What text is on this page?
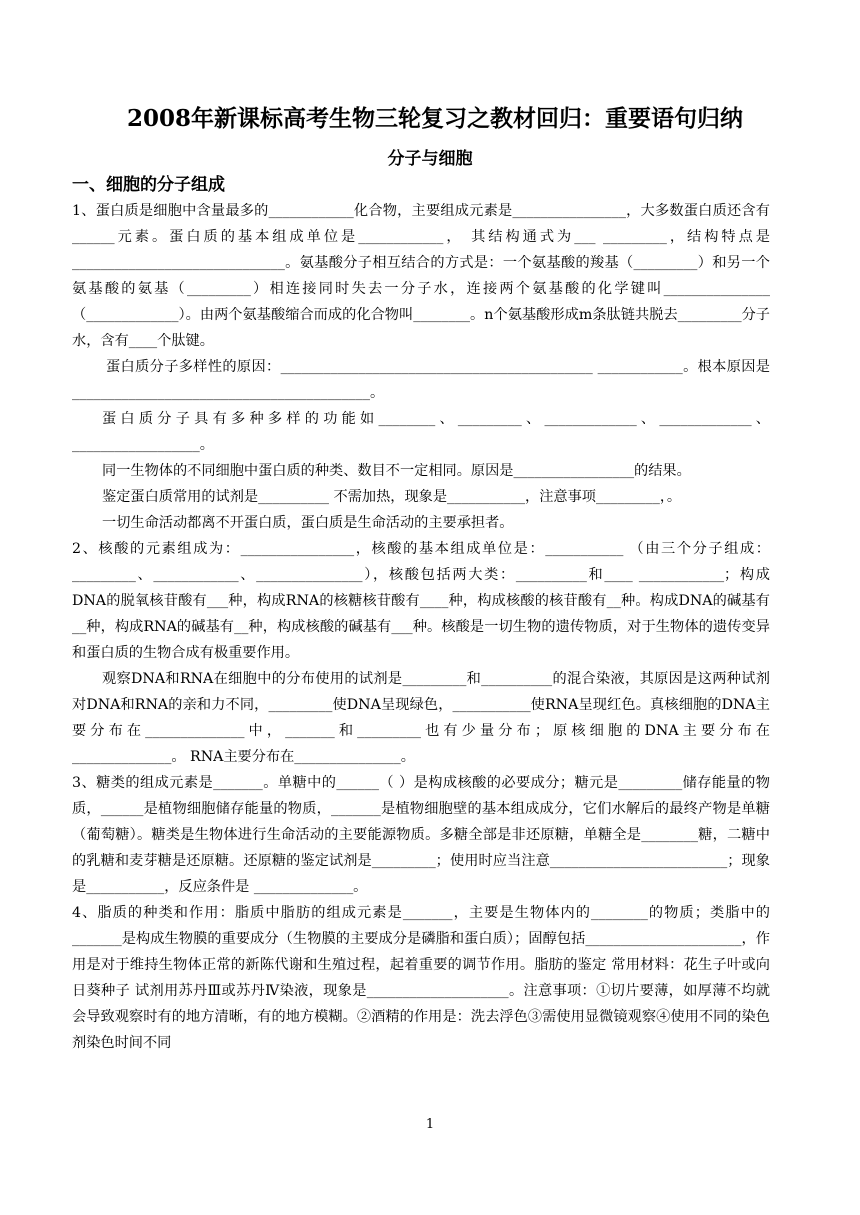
2008年新课标高考生物三轮复习之教材回归：重要语句归纳
分子与细胞
一、细胞的分子组成

1、蛋白质是细胞中含量最多的____________化合物，主要组成元素是________________，大多数蛋白质还含有______元素。蛋白质的基本组成单位是____________， 其结构通式为___ _________，结构特点是______________________________。氨基酸分子相互结合的方式是：一个氨基酸的羧基（_________）和另一个氨基酸的氨基（_________）相连接同时失去一分子水，连接两个氨基酸的化学键叫_______________（_____________）。由两个氨基酸缩合而成的化合物叫________。n个氨基酸形成m条肽链共脱去_________分子水，含有____个肽键。

蛋白质分子多样性的原因：____________________________________________ ____________。根本原因是__________________________________________。

蛋白质分子具有多种多样的功能如________、_________、_____________、_____________、__________________。

同一生物体的不同细胞中蛋白质的种类、数目不一定相同。原因是_________________的结果。

鉴定蛋白质常用的试剂是__________ 不需加热，现象是___________，注意事项_________，。

一切生命活动都离不开蛋白质，蛋白质是生命活动的主要承担者。

2、核酸的元素组成为：________________，核酸的基本组成单位是：___________ （由三个分子组成：_________、____________、_______________），核酸包括两大类：__________和____ ____________；构成DNA的脱氧核苷酸有___种，构成RNA的核糖核苷酸有____种，构成核酸的核苷酸有__种。构成DNA的碱基有__种，构成RNA的碱基有__种，构成核酸的碱基有___种。核酸是一切生物的遗传物质，对于生物体的遗传变异和蛋白质的生物合成有极重要作用。

观察DNA和RNA在细胞中的分布使用的试剂是_________和__________的混合染液，其原因是这两种试剂对DNA和RNA的亲和力不同，_________使DNA呈现绿色，___________使RNA呈现红色。真核细胞的DNA主要分布在______________中，_______和_________也有少量分布；原核细胞的DNA主要分布在______________。 RNA主要分布在_______________。

3、糖类的组成元素是_______。单糖中的______（ ）是构成核酸的必要成分；糖元是_________储存能量的物质，______是植物细胞储存能量的物质，_______是植物细胞壁的基本组成成分，它们水解后的最终产物是单糖（葡萄糖）。糖类是生物体进行生命活动的主要能源物质。多糖全部是非还原糖，单糖全是________糖，二糖中的乳糖和麦芽糖是还原糖。还原糖的鉴定试剂是_________；使用时应当注意_________________________；现象是___________，反应条件是 ______________。

4、脂质的种类和作用：脂质中脂肪的组成元素是_______，主要是生物体内的________的物质；类脂中的_______是构成生物膜的重要成分（生物膜的主要成分是磷脂和蛋白质）；固醇包括______________________，作用是对于维持生物体正常的新陈代谢和生殖过程，起着重要的调节作用。脂肪的鉴定 常用材料：花生子叶或向日葵种子 试剂用苏丹Ⅲ或苏丹Ⅳ染液，现象是____________________。注意事项：①切片要薄，如厚薄不均就会导致观察时有的地方清晰，有的地方模糊。②酒精的作用是：洗去浮色③需使用显微镜观察④使用不同的染色剂染色时间不同

1
